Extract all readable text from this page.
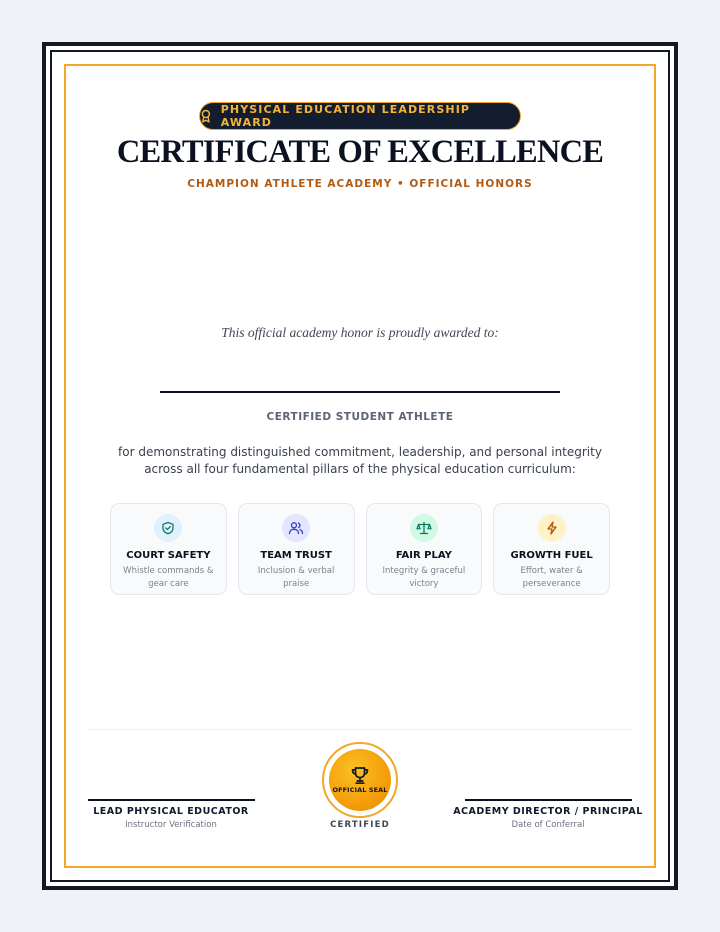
PHYSICAL EDUCATION LEADERSHIP AWARD
CERTIFICATE OF EXCELLENCE
CHAMPION ATHLETE ACADEMY • OFFICIAL HONORS
This official academy honor is proudly awarded to:
CERTIFIED STUDENT ATHLETE
for demonstrating distinguished commitment, leadership, and personal integrity across all four fundamental pillars of the physical education curriculum:
COURT SAFETY
Whistle commands & gear care
TEAM TRUST
Inclusion & verbal praise
FAIR PLAY
Integrity & graceful victory
GROWTH FUEL
Effort, water & perseverance
LEAD PHYSICAL EDUCATOR
Instructor Verification
ACADEMY DIRECTOR / PRINCIPAL
Date of Conferral
OFFICIAL SEAL
CERTIFIED
